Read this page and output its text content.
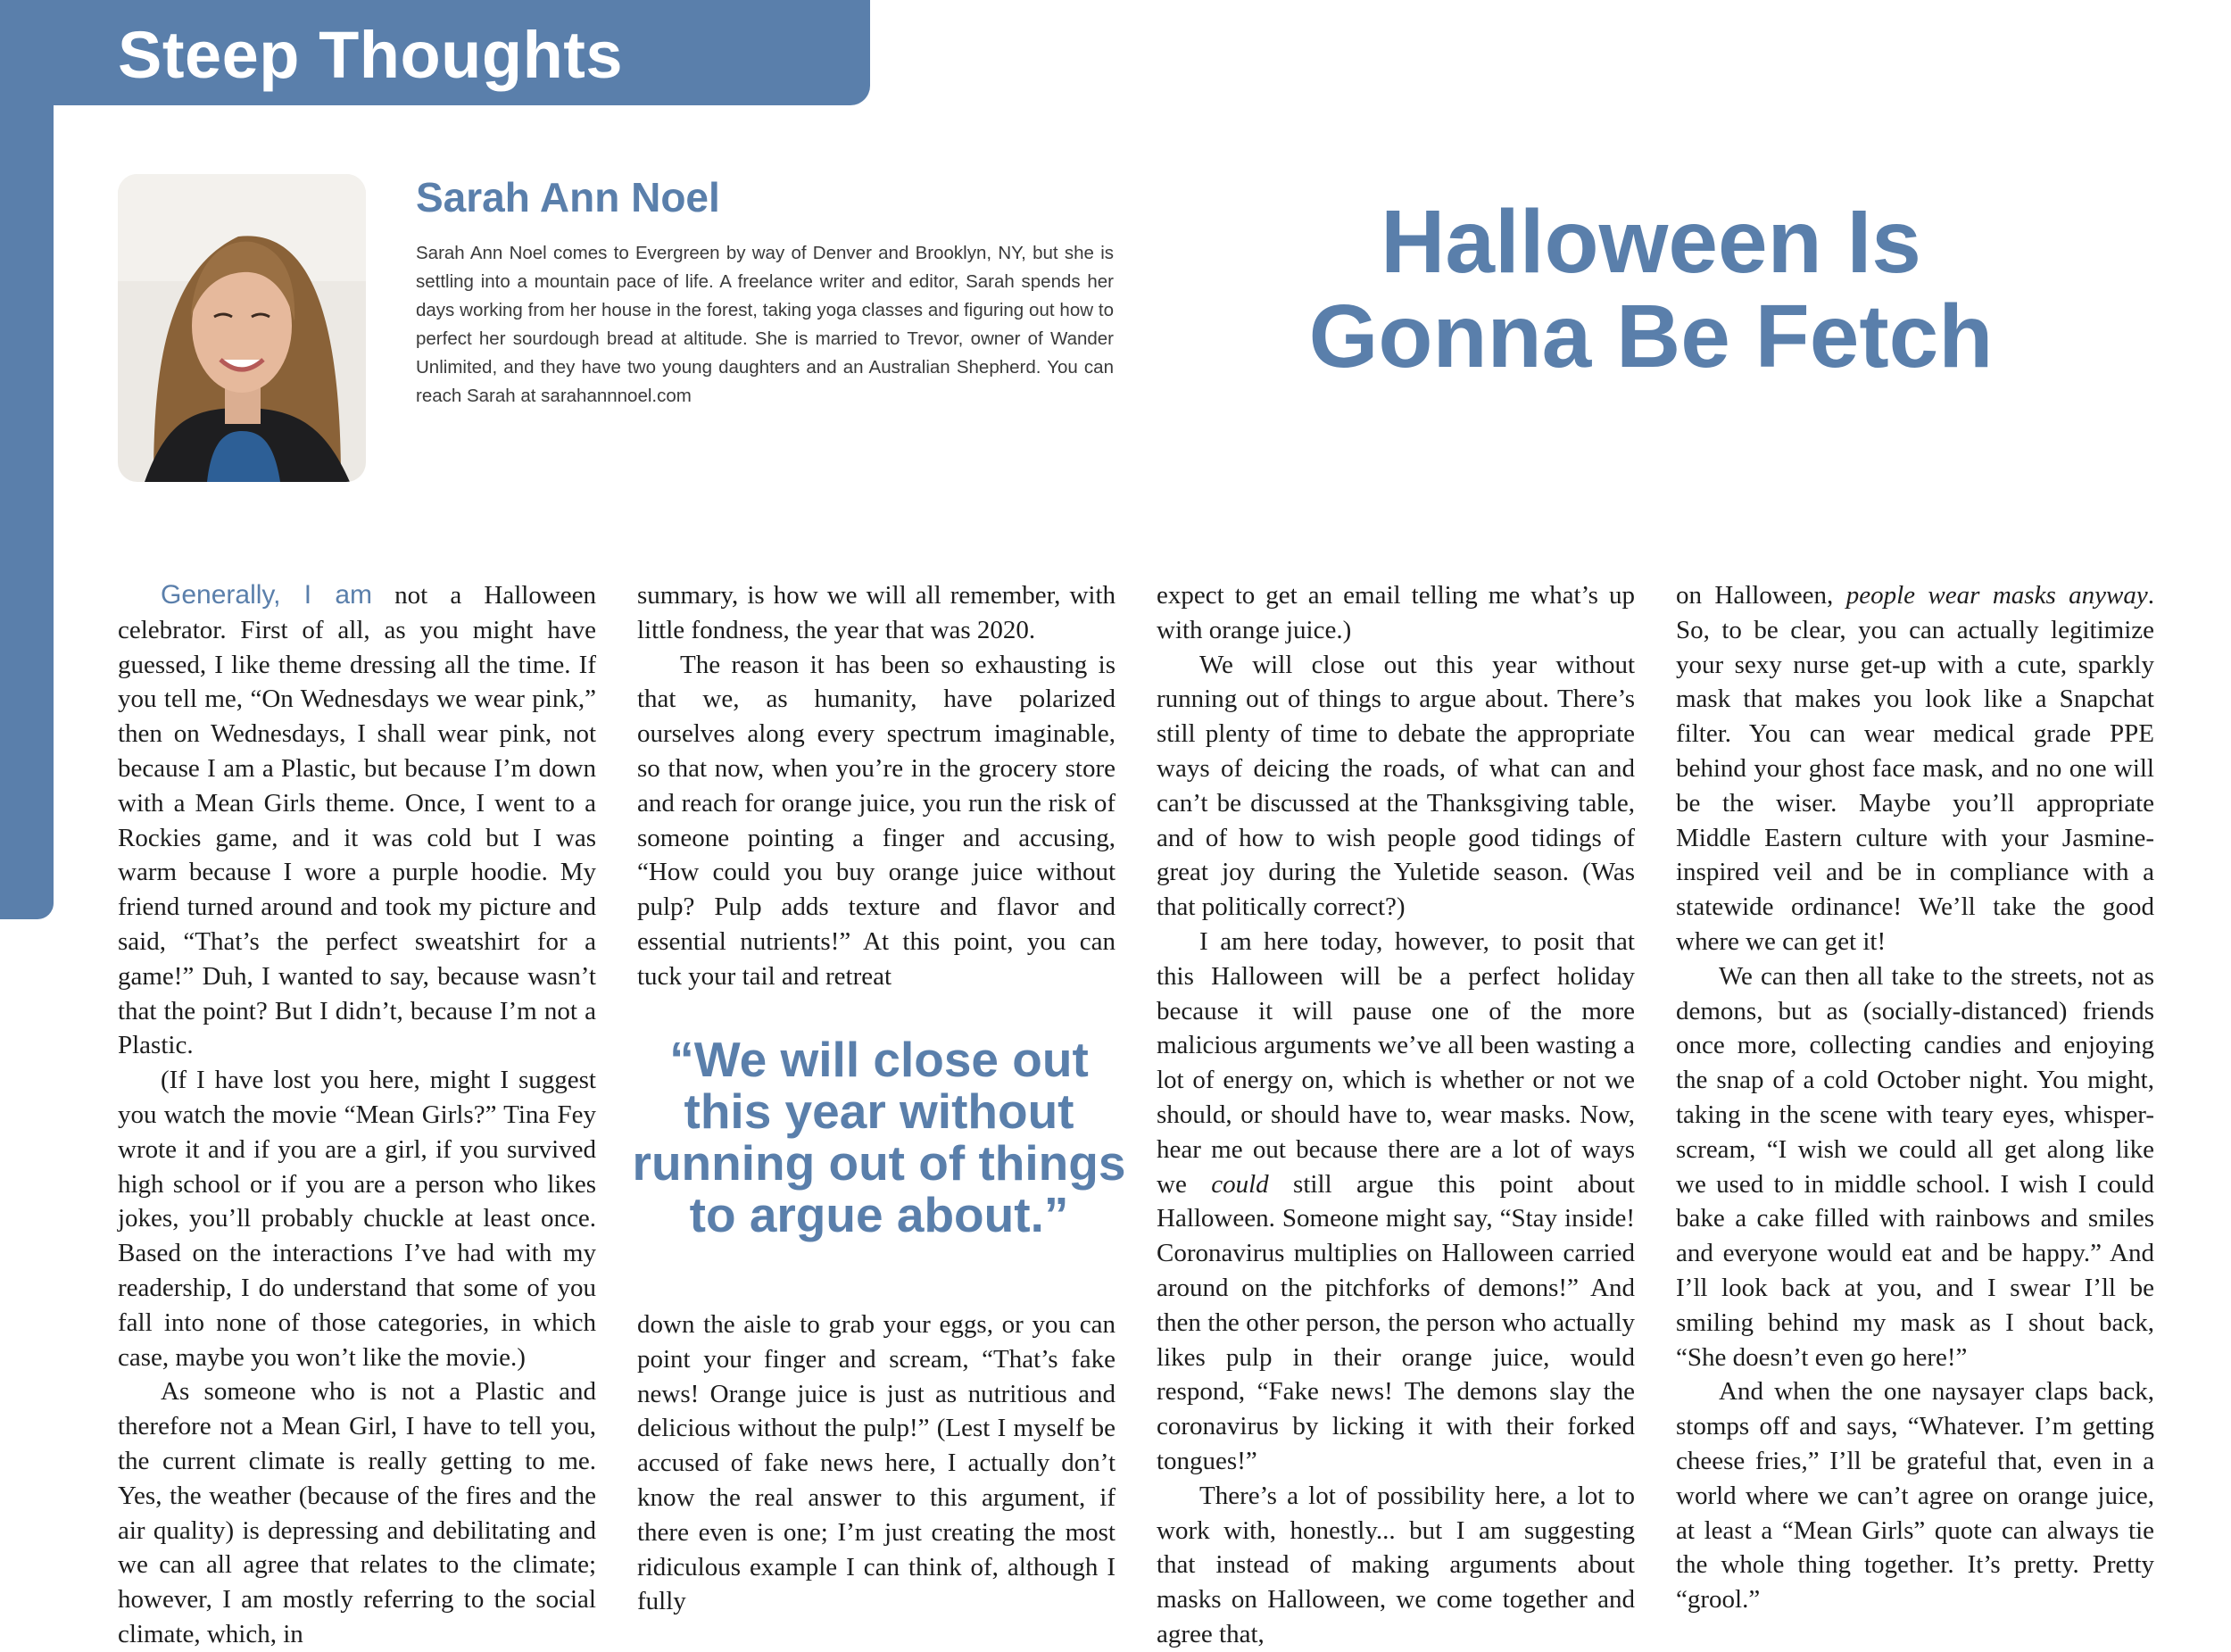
Steep Thoughts
Sarah Ann Noel

Sarah Ann Noel comes to Evergreen by way of Denver and Brooklyn, NY, but she is settling into a mountain pace of life. A freelance writer and editor, Sarah spends her days working from her house in the forest, taking yoga classes and figuring out how to perfect her sourdough bread at altitude. She is married to Trevor, owner of Wander Unlimited, and they have two young daughters and an Australian Shepherd. You can reach Sarah at sarahannnoel.com

Halloween Is
Gonna Be Fetch

Generally, I am not a Halloween celebrator. First of all, as you might have guessed, I like theme dressing all the time. If you tell me, “On Wednesdays we wear pink,” then on Wednesdays, I shall wear pink, not because I am a Plastic, but because I’m down with a Mean Girls theme. Once, I went to a Rockies game, and it was cold but I was warm because I wore a purple hoodie. My friend turned around and took my picture and said, “That’s the perfect sweatshirt for a game!” Duh, I wanted to say, because wasn’t that the point? But I didn’t, because I’m not a Plastic.

(If I have lost you here, might I suggest you watch the movie “Mean Girls?” Tina Fey wrote it and if you are a girl, if you survived high school or if you are a person who likes jokes, you’ll probably chuckle at least once. Based on the interactions I’ve had with my readership, I do understand that some of you fall into none of those categories, in which case, maybe you won’t like the movie.)

As someone who is not a Plastic and therefore not a Mean Girl, I have to tell you, the current climate is really getting to me. Yes, the weather (because of the fires and the air quality) is depressing and debilitating and we can all agree that relates to the climate; however, I am mostly referring to the social climate, which, in

summary, is how we will all remember, with little fondness, the year that was 2020.

The reason it has been so exhausting is that we, as humanity, have polarized ourselves along every spectrum imaginable, so that now, when you’re in the grocery store and reach for orange juice, you run the risk of someone pointing a finger and accusing, “How could you buy orange juice without pulp? Pulp adds texture and flavor and essential nutrients!” At this point, you can tuck your tail and retreat

“We will close out this year without running out of things to argue about.”

down the aisle to grab your eggs, or you can point your finger and scream, “That’s fake news! Orange juice is just as nutritious and delicious without the pulp!” (Lest I myself be accused of fake news here, I actually don’t know the real answer to this argument, if there even is one; I’m just creating the most ridiculous example I can think of, although I fully

expect to get an email telling me what’s up with orange juice.)

We will close out this year without running out of things to argue about. There’s still plenty of time to debate the appropriate ways of deicing the roads, of what can and can’t be discussed at the Thanksgiving table, and of how to wish people good tidings of great joy during the Yuletide season. (Was that politically correct?)

I am here today, however, to posit that this Halloween will be a perfect holiday because it will pause one of the more malicious arguments we’ve all been wasting a lot of energy on, which is whether or not we should, or should have to, wear masks. Now, hear me out because there are a lot of ways we could still argue this point about Halloween. Someone might say, “Stay inside! Coronavirus multiplies on Halloween carried around on the pitchforks of demons!” And then the other person, the person who actually likes pulp in their orange juice, would respond, “Fake news! The demons slay the coronavirus by licking it with their forked tongues!”

There’s a lot of possibility here, a lot to work with, honestly... but I am suggesting that instead of making arguments about masks on Halloween, we come together and agree that,

on Halloween, people wear masks anyway. So, to be clear, you can actually legitimize your sexy nurse get-up with a cute, sparkly mask that makes you look like a Snapchat filter. You can wear medical grade PPE behind your ghost face mask, and no one will be the wiser. Maybe you’ll appropriate Middle Eastern culture with your Jasmine-inspired veil and be in compliance with a statewide ordinance! We’ll take the good where we can get it!

We can then all take to the streets, not as demons, but as (socially-distanced) friends once more, collecting candies and enjoying the snap of a cold October night. You might, taking in the scene with teary eyes, whisper-scream, “I wish we could all get along like we used to in middle school. I wish I could bake a cake filled with rainbows and smiles and everyone would eat and be happy.” And I’ll look back at you, and I swear I’ll be smiling behind my mask as I shout back, “She doesn’t even go here!”

And when the one naysayer claps back, stomps off and says, “Whatever. I’m getting cheese fries,” I’ll be grateful that, even in a world where we can’t agree on orange juice, at least a “Mean Girls” quote can always tie the whole thing together. It’s pretty. Pretty “grool.”
